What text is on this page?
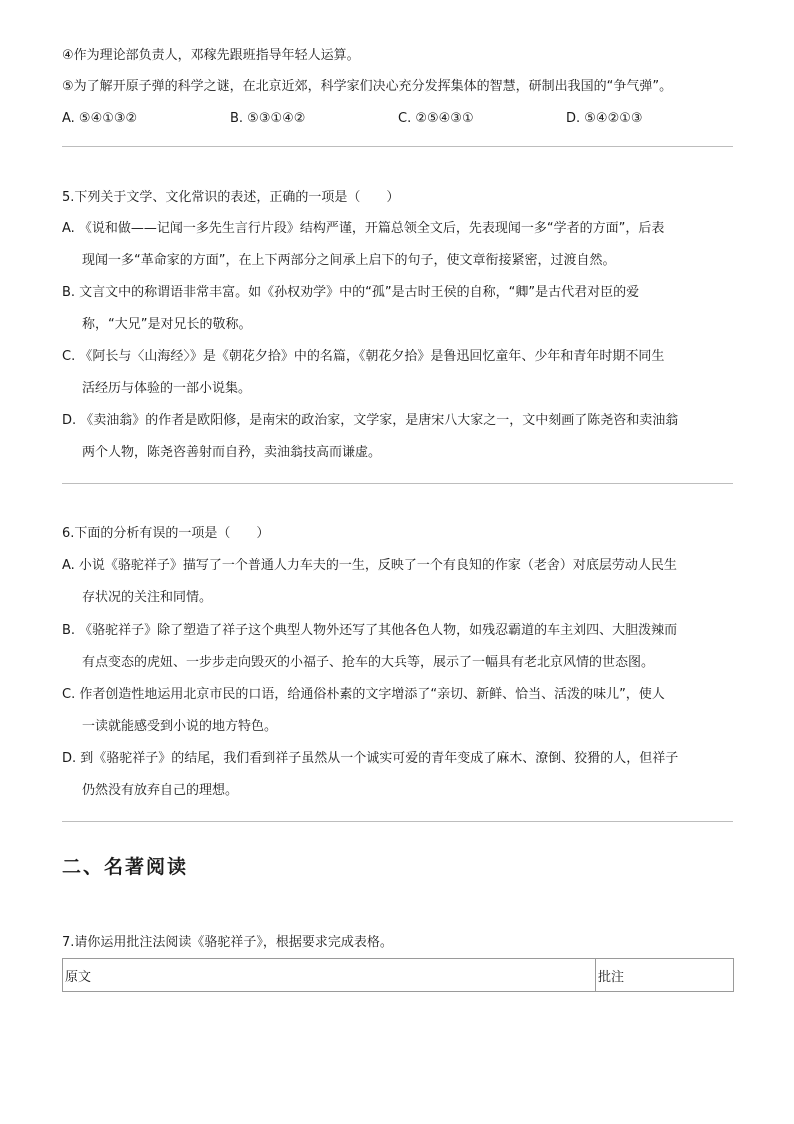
④作为理论部负责人，邓稼先跟班指导年轻人运算。
⑤为了解开原子弹的科学之谜，在北京近郊，科学家们决心充分发挥集体的智慧，研制出我国的“争气弹”。
A. ⑤④①③②	B. ⑤③①④②	C. ②⑤④③①	D. ⑤④②①③
5.下列关于文学、文化常识的表述，正确的一项是（　　）
A. 《说和做——记闻一多先生言行片段》结构严谨，开篇总领全文后，先表现闻一多“学者的方面”，后表
现闻一多“革命家的方面”，在上下两部分之间承上启下的句子，使文章衔接紧密，过渡自然。
B. 文言文中的称谓语非常丰富。如《孙权劝学》中的“孤”是古时王侯的自称，“卿”是古代君对臣的爱
称，“大兄”是对兄长的敬称。
C. 《阿长与〈山海经〉》是《朝花夕拾》中的名篇，《朝花夕拾》是鲁迅回忆童年、少年和青年时期不同生
活经历与体验的一部小说集。
D. 《卖油翁》的作者是欧阳修，是南宋的政治家，文学家，是唐宋八大家之一，文中刻画了陈尧咨和卖油翁
两个人物，陈尧咨善射而自矜，卖油翁技高而谦虚。
6.下面的分析有误的一项是（　　）
A. 小说《骆驼祥子》描写了一个普通人力车夫的一生，反映了一个有良知的作家（老舍）对底层劳动人民生
存状况的关注和同情。
B. 《骆驼祥子》除了塑造了祥子这个典型人物外还写了其他各色人物，如残忍霸道的车主刘四、大胆泼辣而
有点变态的虎妞、一步步走向毁灭的小福子、抢车的大兵等，展示了一幅具有老北京风情的世态图。
C. 作者创造性地运用北京市民的口语，给通俗朴素的文字增添了“亲切、新鲜、恰当、活泼的味儿”，使人
一读就能感受到小说的地方特色。
D. 到《骆驼祥子》的结尾，我们看到祥子虽然从一个诚实可爱的青年变成了麻木、潦倒、狡猾的人，但祥子
仍然没有放弃自己的理想。
二、名著阅读
7.请你运用批注法阅读《骆驼祥子》，根据要求完成表格。
原文	批注
